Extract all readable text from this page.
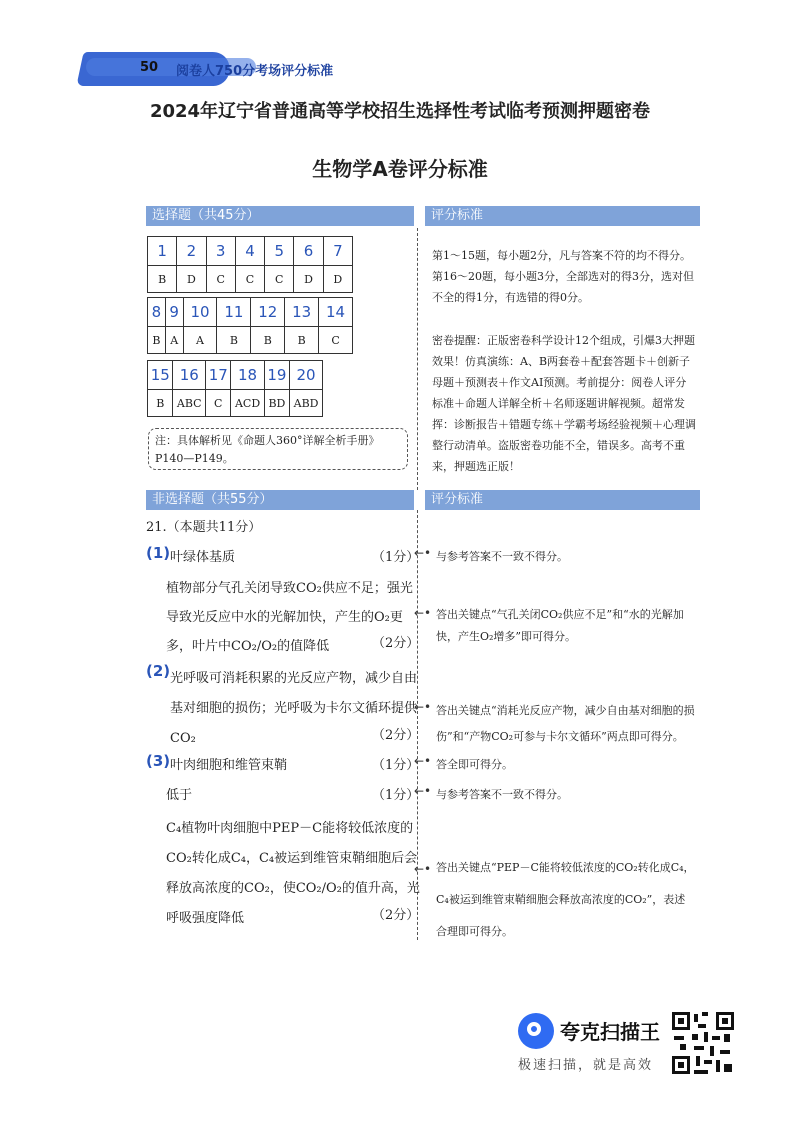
50 阅卷人750分考场评分标准
2024年辽宁省普通高等学校招生选择性考试临考预测押题密卷
生物学A卷评分标准
选择题（共45分）	评分标准
1	2	3	4	5	6	7
B	D	C	C	C	D	D
8	9	10	11	12	13	14
B	A	A	B	B	B	C
15	16	17	18	19	20
B	ABC	C	ACD	BD	ABD
注：具体解析见《命题人360°详解全析手册》
P140—P149。
第1～15题，每小题2分，凡与答案不符的均不得分。
第16～20题，每小题3分，全部选对的得3分，选对但
不全的得1分，有选错的得0分。
密卷提醒：正版密卷科学设计12个组成，引爆3大押题
效果！仿真演练：A、B两套卷＋配套答题卡＋创新子
母题＋预测表＋作文AI预测。考前提分：阅卷人评分
标准＋命题人详解全析＋名师逐题讲解视频。超常发
挥：诊断报告＋错题专练＋学霸考场经验视频＋心理调
整行动清单。盗版密卷功能不全，错误多。高考不重
来，押题选正版！
非选择题（共55分）	评分标准
21.（本题共11分）
(1) 叶绿体基质	（1分）
←• 与参考答案不一致不得分。
植物部分气孔关闭导致CO₂供应不足；强光
导致光反应中水的光解加快，产生的O₂更
多，叶片中CO₂/O₂的值降低	（2分）
←• 答出关键点“气孔关闭CO₂供应不足”和“水的光解加
快，产生O₂增多”即可得分。
(2) 光呼吸可消耗积累的光反应产物，减少自由
基对细胞的损伤；光呼吸为卡尔文循环提供
CO₂	（2分）
←• 答出关键点“消耗光反应产物，减少自由基对细胞的损
伤”和“产物CO₂可参与卡尔文循环”两点即可得分。
(3) 叶肉细胞和维管束鞘	（1分）
←• 答全即可得分。
低于	（1分）
←• 与参考答案不一致不得分。
C₄植物叶肉细胞中PEP－C能将较低浓度的
CO₂转化成C₄，C₄被运到维管束鞘细胞后会
释放高浓度的CO₂，使CO₂/O₂的值升高，光
呼吸强度降低	（2分）
←• 答出关键点“PEP－C能将较低浓度的CO₂转化成C₄，
C₄被运到维管束鞘细胞会释放高浓度的CO₂”，表述
合理即可得分。
夸克扫描王
极速扫描，就是高效
